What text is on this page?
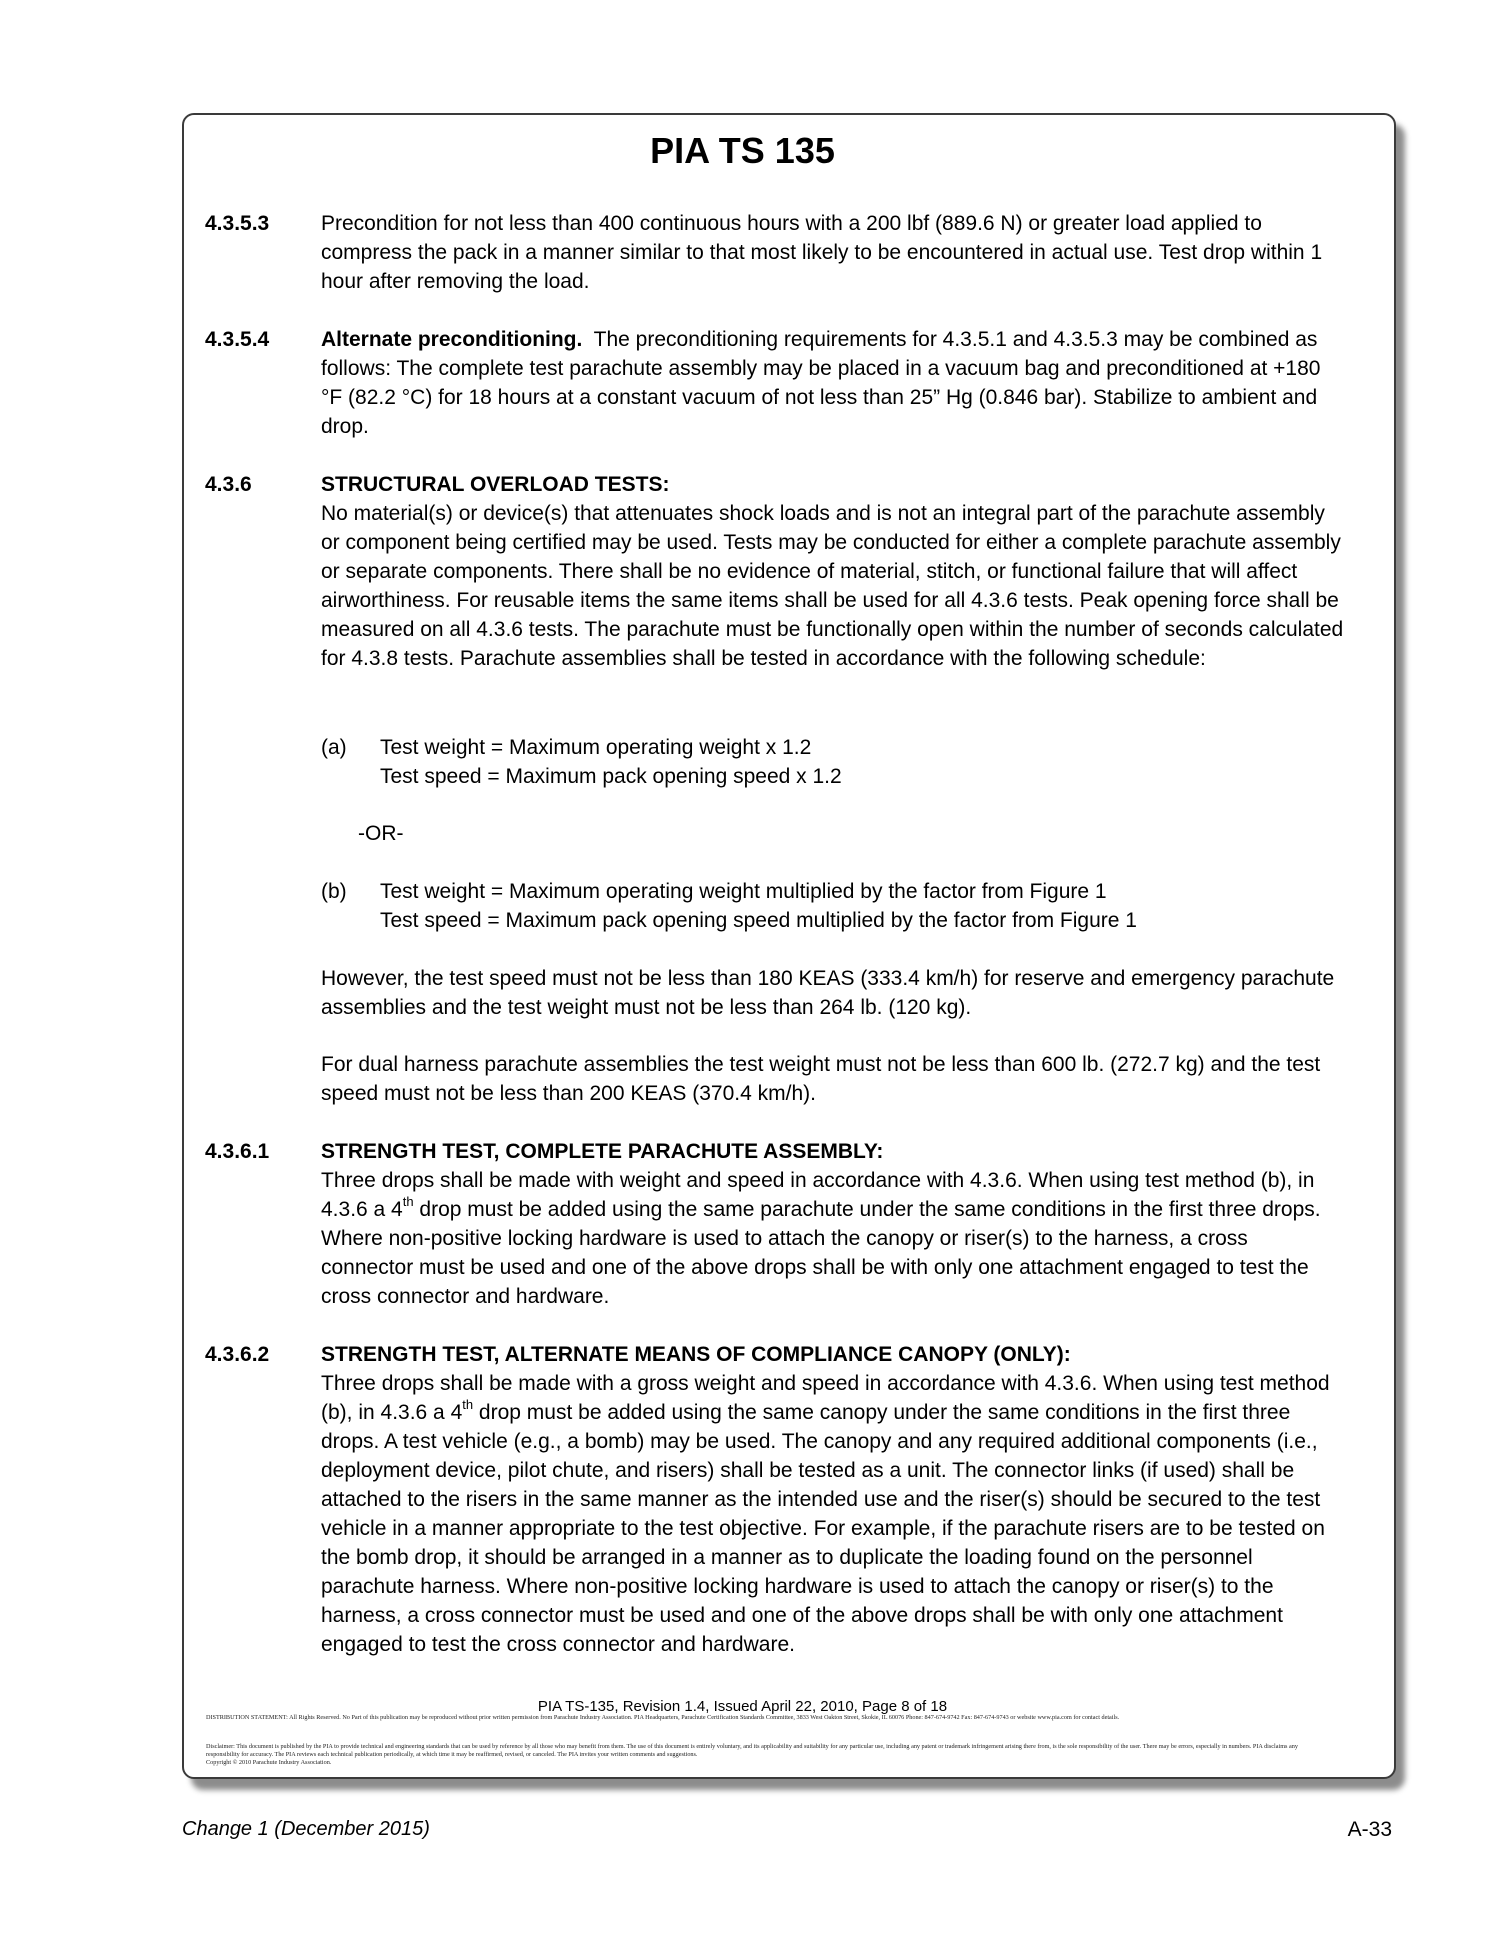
PIA TS 135
4.3.5.3 Precondition for not less than 400 continuous hours with a 200 lbf (889.6 N) or greater load applied to compress the pack in a manner similar to that most likely to be encountered in actual use. Test drop within 1 hour after removing the load.

4.3.5.4 Alternate preconditioning. The preconditioning requirements for 4.3.5.1 and 4.3.5.3 may be combined as follows: The complete test parachute assembly may be placed in a vacuum bag and preconditioned at +180 °F (82.2 °C) for 18 hours at a constant vacuum of not less than 25” Hg (0.846 bar). Stabilize to ambient and drop.

4.3.6	STRUCTURAL OVERLOAD TESTS:

No material(s) or device(s) that attenuates shock loads and is not an integral part of the parachute assembly or component being certified may be used. Tests may be conducted for either a complete parachute assembly or separate components. There shall be no evidence of material, stitch, or functional failure that will affect airworthiness. For reusable items the same items shall be used for all 4.3.6 tests. Peak opening force shall be measured on all 4.3.6 tests. The parachute must be functionally open within the number of seconds calculated for 4.3.8 tests. Parachute assemblies shall be tested in accordance with the following schedule:

(a) Test weight = Maximum operating weight x 1.2
Test speed = Maximum pack opening speed x 1.2
-OR-
(b) Test weight = Maximum operating weight multiplied by the factor from Figure 1
Test speed = Maximum pack opening speed multiplied by the factor from Figure 1
However, the test speed must not be less than 180 KEAS (333.4 km/h) for reserve and emergency parachute assemblies and the test weight must not be less than 264 lb. (120 kg).
For dual harness parachute assemblies the test weight must not be less than 600 lb. (272.7 kg) and the test speed must not be less than 200 KEAS (370.4 km/h).
4.3.6.1 STRENGTH TEST, COMPLETE PARACHUTE ASSEMBLY:

Three drops shall be made with weight and speed in accordance with 4.3.6. When using test method (b), in 4.3.6 a 4th drop must be added using the same parachute under the same conditions in the first three drops. Where non-positive locking hardware is used to attach the canopy or riser(s) to the harness, a cross connector must be used and one of the above drops shall be with only one attachment engaged to test the cross connector and hardware.

4.3.6.2 STRENGTH TEST, ALTERNATE MEANS OF COMPLIANCE CANOPY (ONLY):

Three drops shall be made with a gross weight and speed in accordance with 4.3.6. When using test method (b), in 4.3.6 a 4th drop must be added using the same canopy under the same conditions in the first three drops. A test vehicle (e.g., a bomb) may be used. The canopy and any required additional components (i.e., deployment device, pilot chute, and risers) shall be tested as a unit. The connector links (if used) shall be attached to the risers in the same manner as the intended use and the riser(s) should be secured to the test vehicle in a manner appropriate to the test objective. For example, if the parachute risers are to be tested on the bomb drop, it should be arranged in a manner as to duplicate the loading found on the personnel parachute harness. Where non-positive locking hardware is used to attach the canopy or riser(s) to the harness, a cross connector must be used and one of the above drops shall be with only one attachment engaged to test the cross connector and hardware.

PIA TS-135, Revision 1.4, Issued April 22, 2010, Page 8 of 18
DISTRIBUTION STATEMENT: All Rights Reserved. No Part of this publication may be reproduced without prior written permission from Parachute Industry Association. PIA Headquarters, Parachute Certification Standards Committee, 3833 West Oakton Street, Skokie, IL 60076 Phone: 847-674-9742 Fax: 847-674-9743 or website www.pia.com for contact details.
Disclaimer: This document is published by the PIA to provide technical and engineering standards that can be used by reference by all those who may benefit from them. The use of this document is entirely voluntary, and its applicability and suitability for any particular use, including any patent or trademark infringement arising there from, is the sole responsibility of the user. There may be errors, especially in numbers. PIA disclaims any responsibility for accuracy. The PIA reviews each technical publication periodically, at which time it may be reaffirmed, revised, or canceled. The PIA invites your written comments and suggestions.
Copyright © 2010 Parachute Industry Association.
Change 1 (December 2015)	A-33
